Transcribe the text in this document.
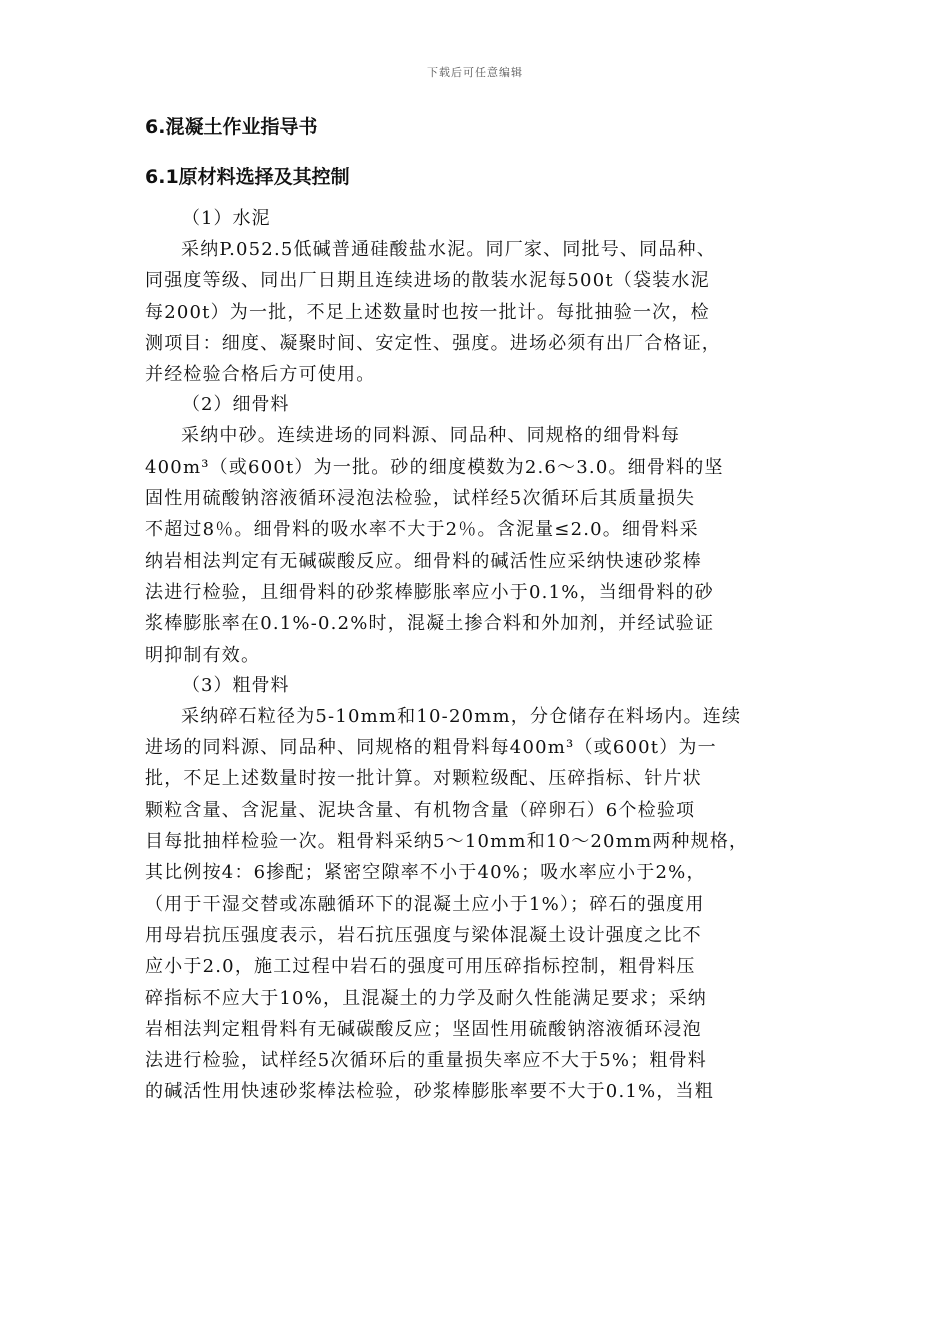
下载后可任意编辑
6.混凝土作业指导书
6.1原材料选择及其控制
（1）水泥
采纳P.052.5低碱普通硅酸盐水泥。同厂家、同批号、同品种、
同强度等级、同出厂日期且连续进场的散装水泥每500t（袋装水泥
每200t）为一批，不足上述数量时也按一批计。每批抽验一次，检
测项目：细度、凝聚时间、安定性、强度。进场必须有出厂合格证，
并经检验合格后方可使用。
（2）细骨料
采纳中砂。连续进场的同料源、同品种、同规格的细骨料每
400m³（或600t）为一批。砂的细度模数为2.6～3.0。细骨料的坚
固性用硫酸钠溶液循环浸泡法检验，试样经5次循环后其质量损失
不超过8％。细骨料的吸水率不大于2％。含泥量≤2.0。细骨料采
纳岩相法判定有无碱碳酸反应。细骨料的碱活性应采纳快速砂浆棒
法进行检验，且细骨料的砂浆棒膨胀率应小于0.1%，当细骨料的砂
浆棒膨胀率在0.1%-0.2%时，混凝土掺合料和外加剂，并经试验证
明抑制有效。
（3）粗骨料
采纳碎石粒径为5-10mm和10-20mm，分仓储存在料场内。连续
进场的同料源、同品种、同规格的粗骨料每400m³（或600t）为一
批，不足上述数量时按一批计算。对颗粒级配、压碎指标、针片状
颗粒含量、含泥量、泥块含量、有机物含量（碎卵石）6个检验项
目每批抽样检验一次。粗骨料采纳5～10mm和10～20mm两种规格，
其比例按4：6掺配；紧密空隙率不小于40%；吸水率应小于2%，
（用于干湿交替或冻融循环下的混凝土应小于1%）；碎石的强度用
用母岩抗压强度表示，岩石抗压强度与梁体混凝土设计强度之比不
应小于2.0，施工过程中岩石的强度可用压碎指标控制，粗骨料压
碎指标不应大于10%，且混凝土的力学及耐久性能满足要求；采纳
岩相法判定粗骨料有无碱碳酸反应；坚固性用硫酸钠溶液循环浸泡
法进行检验，试样经5次循环后的重量损失率应不大于5%；粗骨料
的碱活性用快速砂浆棒法检验，砂浆棒膨胀率要不大于0.1%，当粗
